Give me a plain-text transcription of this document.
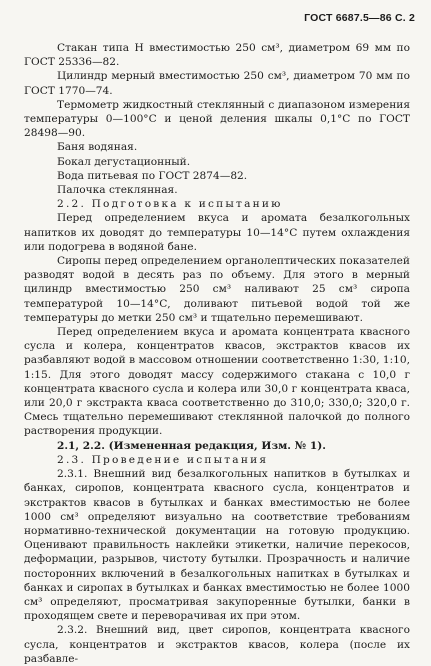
ГОСТ 6687.5—86 С. 2

Стакан типа Н вместимостью 250 см³, диаметром 69 мм по ГОСТ 25336—82.

Цилиндр мерный вместимостью 250 см³, диаметром 70 мм по ГОСТ 1770—74.

Термометр жидкостный стеклянный с диапазоном измерения температуры 0—100°С и ценой деления шкалы 0,1°С по ГОСТ 28498—90.

Баня водяная.

Бокал дегустационный.

Вода питьевая по ГОСТ 2874—82.

Палочка стеклянная.

2.2. Подготовка к испытанию

Перед определением вкуса и аромата безалкогольных напитков их доводят до температуры 10—14°С путем охлаждения или подогрева в водяной бане.

Сиропы перед определением органолептических показателей разводят водой в десять раз по объему. Для этого в мерный цилиндр вместимостью 250 см³ наливают 25 см³ сиропа температурой 10—14°С, доливают питьевой водой той же температуры до метки 250 см³ и тщательно перемешивают.

Перед определением вкуса и аромата концентрата квасного сусла и колера, концентратов квасов, экстрактов квасов их разбавляют водой в массовом отношении соответственно 1:30, 1:10, 1:15. Для этого доводят массу содержимого стакана с 10,0 г концентрата квасного сусла и колера или 30,0 г концентрата кваса, или 20,0 г экстракта кваса соответственно до 310,0; 330,0; 320,0 г. Смесь тщательно перемешивают стеклянной палочкой до полного растворения продукции.

2.1, 2.2. (Измененная редакция, Изм. № 1).

2.3. Проведение испытания

2.3.1. Внешний вид безалкогольных напитков в бутылках и банках, сиропов, концентрата квасного сусла, концентратов и экстрактов квасов в бутылках и банках вместимостью не более 1000 см³ определяют визуально на соответствие требованиям нормативно-технической документации на готовую продукцию. Оценивают правильность наклейки этикетки, наличие перекосов, деформации, разрывов, чистоту бутылки. Прозрачность и наличие посторонних включений в безалкогольных напитках в бутылках и банках и сиропах в бутылках и банках вместимостью не более 1000 см³ определяют, просматривая закупоренные бутылки, банки в проходящем свете и переворачивая их при этом.

2.3.2. Внешний вид, цвет сиропов, концентрата квасного сусла, концентратов и экстрактов квасов, колера (после их разбавле-
